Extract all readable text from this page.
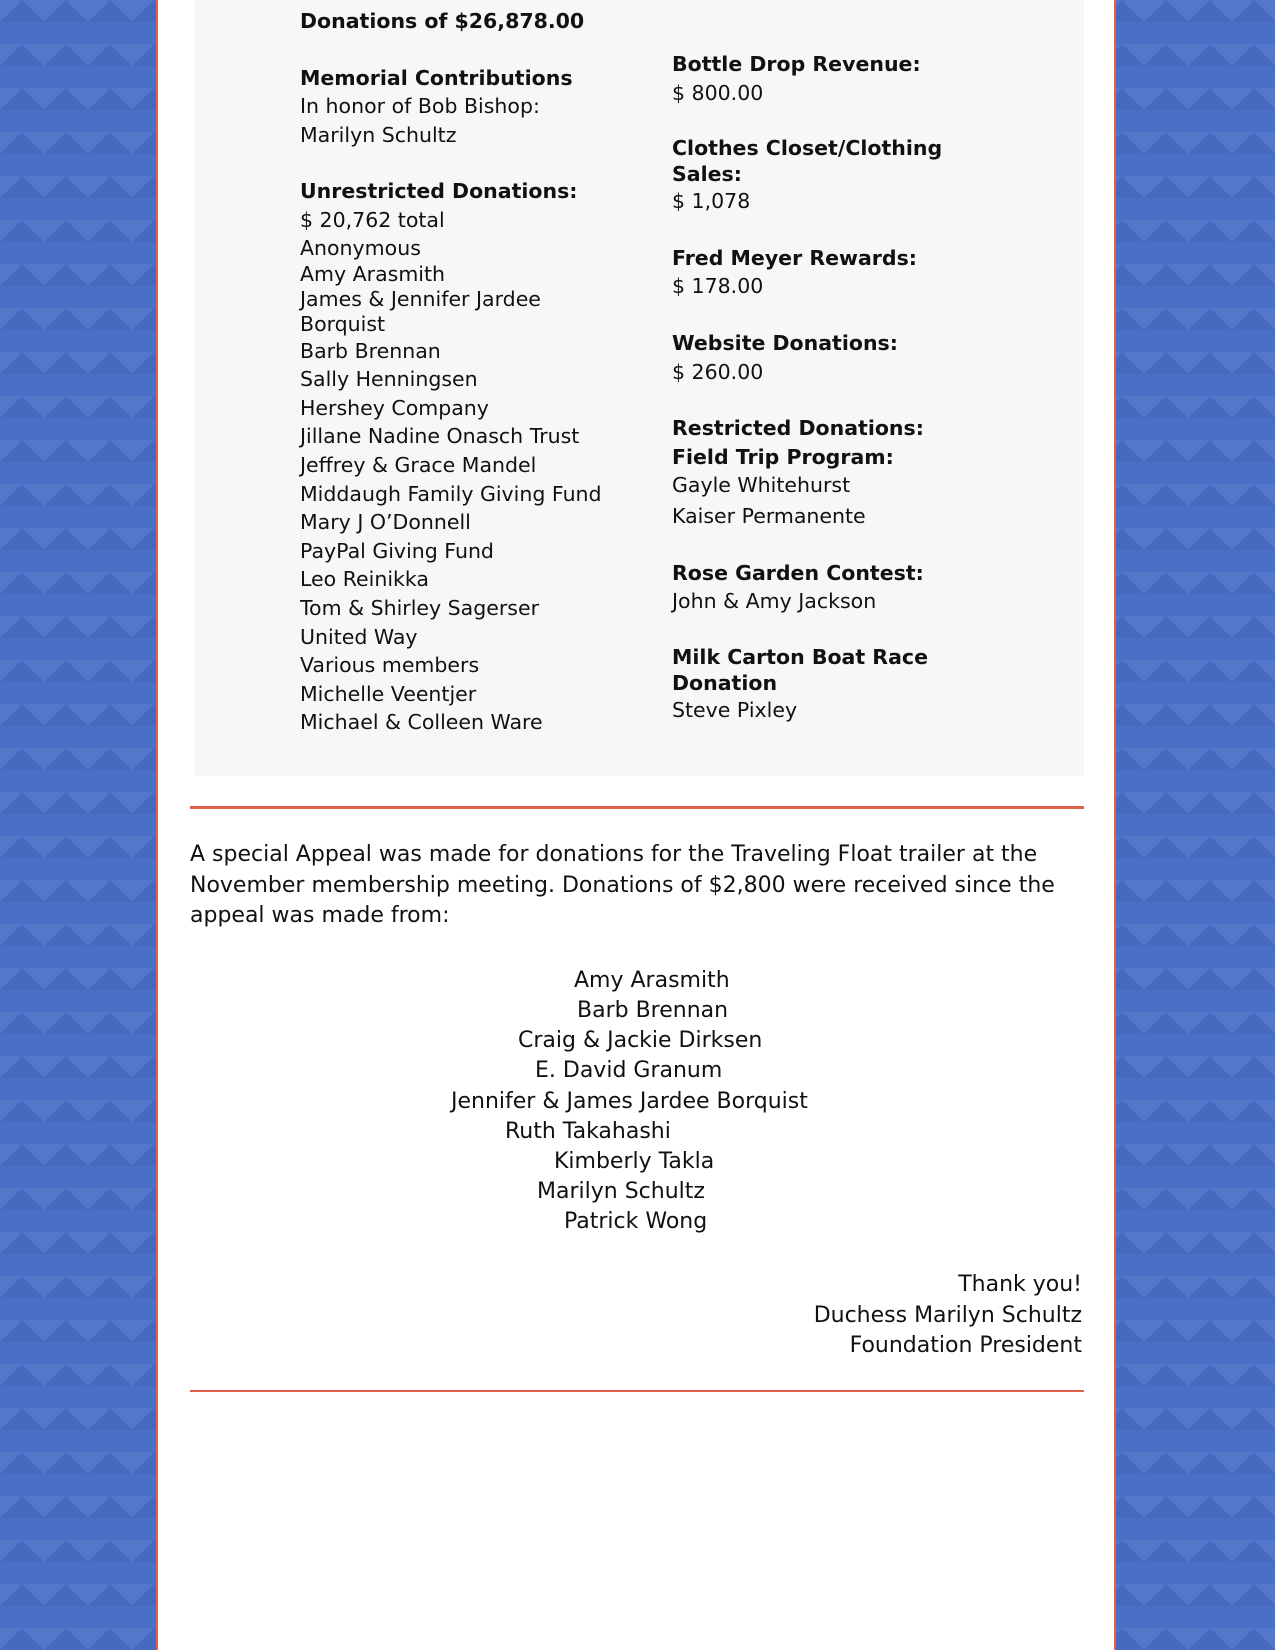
Donations of $26,878.00
Memorial Contributions
In honor of Bob Bishop:
Marilyn Schultz
Unrestricted Donations:
$ 20,762 total
Anonymous
Amy Arasmith
James & Jennifer Jardee Borquist
Barb Brennan
Sally Henningsen
Hershey Company
Jillane Nadine Onasch Trust
Jeffrey & Grace Mandel
Middaugh Family Giving Fund
Mary J O’Donnell
PayPal Giving Fund
Leo Reinikka
Tom & Shirley Sagerser
United Way
Various members
Michelle Veentjer
Michael & Colleen Ware
Bottle Drop Revenue:
$ 800.00
Clothes Closet/Clothing Sales:
$ 1,078
Fred Meyer Rewards:
$ 178.00
Website Donations:
$ 260.00
Restricted Donations:
Field Trip Program:
Gayle Whitehurst
Kaiser Permanente
Rose Garden Contest:
John & Amy Jackson
Milk Carton Boat Race Donation
Steve Pixley
A special Appeal was made for donations for the Traveling Float trailer at the November membership meeting. Donations of $2,800 were received since the appeal was made from:
Amy Arasmith
Barb Brennan
Craig & Jackie Dirksen
E. David Granum
Jennifer & James Jardee Borquist
Ruth Takahashi
Kimberly Takla
Marilyn Schultz
Patrick Wong
Thank you!
Duchess Marilyn Schultz
Foundation President
